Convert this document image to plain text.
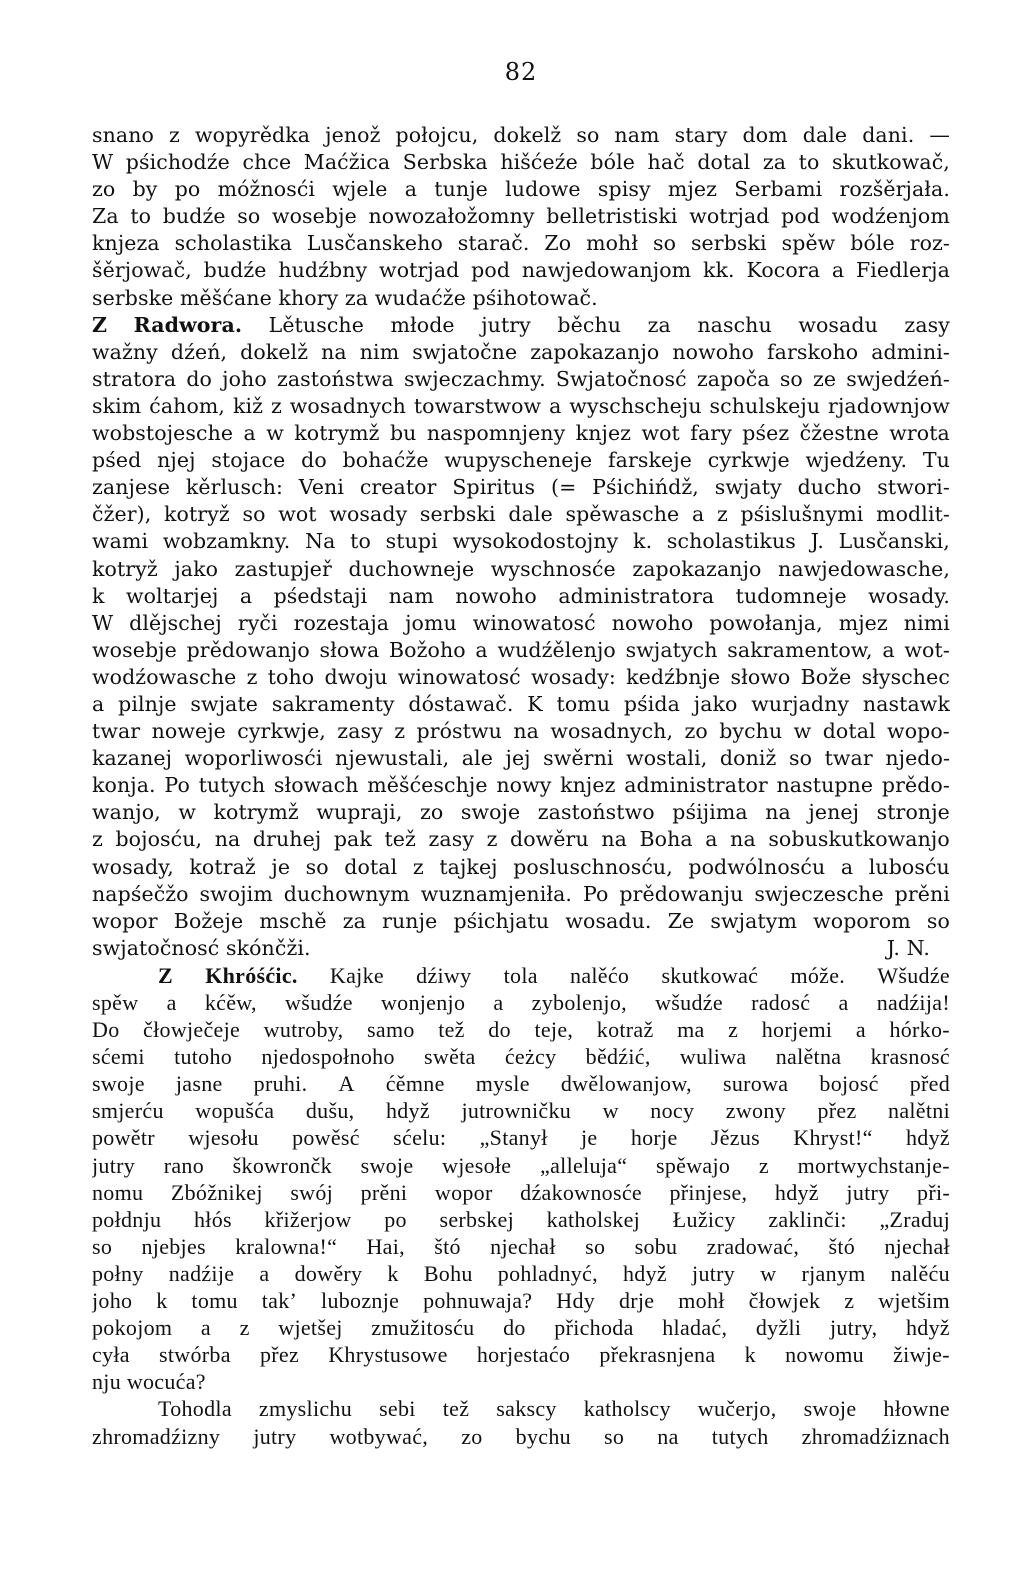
82
snano z wopyrědka jenož połojcu, dokelž so nam stary dom dale dani. —
W pśichodźe chce Maćžica Serbska hišćeźe bóle hač dotal za to skutkowač,
zo by po móžnosći wjele a tunje ludowe spisy mjez Serbami rozšěrjała.
Za to budźe so wosebje nowozałožomny belletristiski wotrjad pod wodźenjom
knjeza scholastika Lusčanskeho starač. Zo mohł so serbski spěw bóle roz-
šěrjowač, budźe hudźbny wotrjad pod nawjedowanjom kk. Kocora a Fiedlerja
serbske měšćane khory za wudaćže pśihotowač.
Z Radwora. Lětusche młode jutry běchu za naschu wosadu zasy
wažny dźeń, dokelž na nim swjatočne zapokazanjo nowoho farskoho admini-
stratora do joho zastoństwa swjeczachmy. Swjatočnosć započa so ze swjedźeń-
skim ćahom, kiž z wosadnych towarstwow a wyschscheju schulskeju rjadownjow
wobstojesche a w kotrymž bu naspomnjeny knjez wot fary pśez čžestne wrota
pśed njej stojace do bohaćže wupyschenejе farskeje cyrkwje wjedźeny. Tu
zanjese kěrlusch: Veni creator Spiritus (= Pśichińdž, swjaty ducho stwori-
čžer), kotryž so wot wosady serbski dale spěwasche a z pśislušnymi modlit-
wami wobzamkny. Na to stupi wysokodostojny k. scholastikus J. Lusčanski,
kotryž jako zastupjeř duchowneje wyschnosće zapokazanjo nawjedowasche,
k woltarjej a pśedstaji nam nowoho administratora tudomneje wosady.
W dlějschej ryči rozestaja jomu winowatosć nowoho powołanja, mjez nimi
wosebje prědowanjo słowa Božoho a wudźělenjo swjatych sakramentow, a wot-
wodźowasche z toho dwoju winowatosć wosady: kedźbnje słowo Bože słyschec
a pilnje swjate sakramenty dóstawač. K tomu pśida jako wurjadny nastawk
twar noweje cyrkwje, zasy z próstwu na wosadnych, zo bychu w dotal wopo-
kazanej woporliwosći njewustali, ale jej swěrni wostali, doniž so twar njedo-
konja. Po tutych słowach měšćeschje nowy knjez administrator nastupne prědo-
wanjo, w kotrymž wupraji, zo swoje zastoństwo pśijima na jenej stronje
z bojosću, na druhej pak tež zasy z dowěru na Boha a na sobuskutkowanjo
wosady, kotraž je so dotal z tajkej posluschnosću, podwólnosću a lubosću
napśečžo swojim duchownym wuznamjeniła. Po prědowanju swjeczesche prěni
wopor Božeje mschě za runje pśichjatu wosadu. Ze swjatym woporom so
swjatočnosć skónčži.	J. N.
Z Khróśćic. Kajke dźiwy tola nalěćo skutkować móže. Wšudźe
spěw a kćěw, wšudźe wonjenjo a zybolenjo, wšudźe radosć a nadźija!
Do čłowječeje wutroby, samo tež do teje, kotraž ma z horjemi a hórko-
sćemi tutoho njedospołnoho swěta ćeżcy bědźić, wuliwa nalětna krasnosć
swoje jasne pruhi. A ćěmne mysle dwělowanjow, surowa bojosć před
smjerću wopušća dušu, hdyž jutrowničku w nocy zwony přez nalětni
powětr wjesołu powěsć sćelu: „Stanył je horje Jězus Khryst!“ hdyž
jutry rano škowrončk swoje wjesołe „alleluja“ spěwajo z mortwychstanje-
nomu Zbóžnikej swój prěni wopor dźakownosće přinjese, hdyž jutry při-
połdnju hłós křižerjow po serbskej katholskej Łužicy zaklinči: „Zraduj
so njebjes kralowna!“ Hai, štó njechał so sobu zradować, štó njechał
połny nadźije a dowěry k Bohu pohladnyć, hdyž jutry w rjanym nalěću
joho k tomu tak’ luboznje pohnuwaja? Hdy drje mohł čłowjek z wjetšim
pokojom a z wjetšej zmužitosću do přichoda hladać, dyžli jutry, hdyž
cyła stwórba přez Khrystusowe horjestaćo překrasnjena k nowomu žiwje-
nju wocuća?
Tohodla zmyslichu sebi tež sakscy katholscy wučerjo, swoje hłowne
zhromadźizny jutry wotbywać, zo bychu so na tutych zhromadźiznach
